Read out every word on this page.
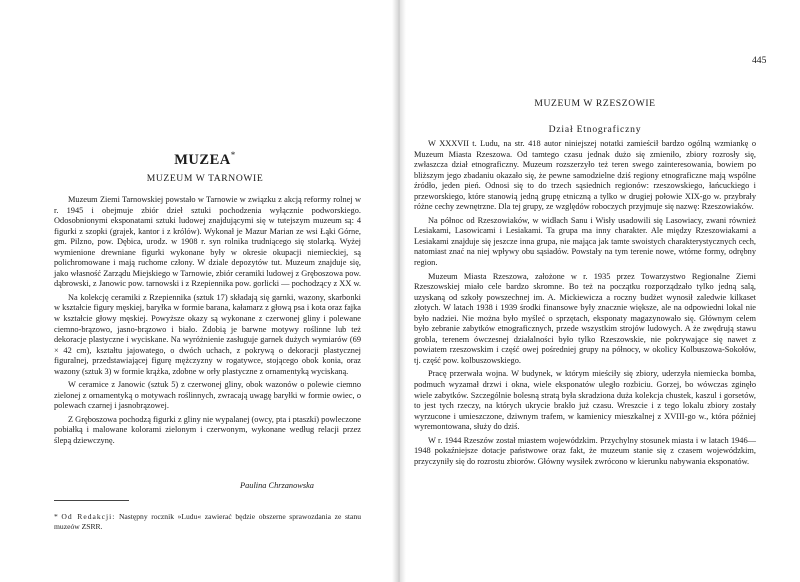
MUZEA*
MUZEUM W TARNOWIE

Muzeum Ziemi Tarnowskiej powstało w Tarnowie w związku z akcją reformy rolnej w r. 1945 i obejmuje zbiór dzieł sztuki pochodzenia wyłącznie podworskiego. Odosobnionymi eksponatami sztuki ludowej znajdującymi się w tutejszym muzeum są: 4 figurki z szopki (grajek, kantor i z królów). Wykonał je Mazur Marian ze wsi Łąki Górne, gm. Pilzno, pow. Dębica, urodz. w 1908 r. syn rolnika trudniącego się stolarką. Wyżej wymienione drewniane figurki wykonane były w okresie okupacji niemieckiej, są polichromowane i mają ruchome człony. W dziale depozytów tut. Muzeum znajduje się, jako własność Zarządu Miejskiego w Tarnowie, zbiór ceramiki ludowej z Gręboszowa pow. dąbrowski, z Janowic pow. tarnowski i z Rzepiennika pow. gorlicki — pochodzący z XX w.

Na kolekcję ceramiki z Rzepiennika (sztuk 17) składają się garnki, wazony, skarbonki w kształcie figury męskiej, baryłka w formie barana, kałamarz z głową psa i kota oraz fajka w kształcie głowy męskiej. Powyższe okazy są wykonane z czerwonej gliny i polewane ciemno-brązowo, jasno-brązowo i biało. Zdobią je barwne motywy roślinne lub też dekoracje plastyczne i wyciskane. Na wyróżnienie zasługuje garnek dużych wymiarów (69 × 42 cm), kształtu jajowatego, o dwóch uchach, z pokrywą o dekoracji plastycznej figuralnej, przedstawiającej figurę mężczyzny w rogatywce, stojącego obok konia, oraz wazony (sztuk 3) w formie krążka, zdobne w orły plastyczne z ornamentyką wyciskaną.

W ceramice z Janowic (sztuk 5) z czerwonej gliny, obok wazonów o polewie ciemno zielonej z ornamentyką o motywach roślinnych, zwracają uwagę baryłki w formie owiec, o polewach czarnej i jasnobrązowej.

Z Gręboszowa pochodzą figurki z gliny nie wypalanej (owcy, pta i ptaszki) powleczone pobiałką i malowane kolorami zielonym i czerwonym, wykonane według relacji przez ślepą dziewczynę.

Paulina Chrzanowska
* Od Redakcji: Następny rocznik »Ludu« zawierać będzie obszerne sprawozdania ze stanu muzeów ZSRR.
445
MUZEUM W RZESZOWIE
Dział Etnograficzny

W XXXVII t. Ludu, na str. 418 autor niniejszej notatki zamieścił bardzo ogólną wzmiankę o Muzeum Miasta Rzeszowa. Od tamtego czasu jednak dużo się zmieniło, zbiory rozrosły się, zwłaszcza dział etnograficzny. Muzeum rozszerzyło też teren swego zainteresowania, bowiem po bliższym jego zbadaniu okazało się, że pewne samodzielne dziś regiony etnograficzne mają wspólne źródło, jeden pień. Odnosi się to do trzech sąsiednich regionów: rzeszowskiego, łańcuckiego i przeworskiego, które stanowią jedną grupę etniczną a tylko w drugiej połowie XIX-go w. przybrały różne cechy zewnętrzne. Dla tej grupy, ze względów roboczych przyjmuje się nazwę: Rzeszowiaków.

Na północ od Rzeszowiaków, w widłach Sanu i Wisły usadowili się Lasowiacy, zwani również Lesiakami, Lasowicami i Lesiakami. Ta grupa ma inny charakter. Ale między Rzeszowiakami a Lesiakami znajduje się jeszcze inna grupa, nie mająca jak tamte swoistych charakterystycznych cech, natomiast znać na niej wpływy obu sąsiadów. Powstały na tym terenie nowe, wtórne formy, odrębny region.

Muzeum Miasta Rzeszowa, założone w r. 1935 przez Towarzystwo Regionalne Ziemi Rzeszowskiej miało cele bardzo skromne. Bo też na początku rozporządzało tylko jedną salą, uzyskaną od szkoły powszechnej im. A. Mickiewicza a roczny budżet wynosił zaledwie kilkaset złotych. W latach 1938 i 1939 środki finansowe były znacznie większe, ale na odpowiedni lokal nie było nadziei. Nie można było myśleć o sprzętach, eksponaty magazynowało się. Głównym celem było zebranie zabytków etnograficznych, przede wszystkim strojów ludowych. A że zwędrują stawu grobla, terenem ówczesnej działalności było tylko Rzeszowskie, nie pokrywające się nawet z powiatem rzeszowskim i część owej pośredniej grupy na północy, w okolicy Kolbuszowa-Sokołów, tj. część pow. kolbuszowskiego.

Pracę przerwała wojna. W budynek, w którym mieściły się zbiory, uderzyła niemiecka bomba, podmuch wyzamał drzwi i okna, wiele eksponatów uległo rozbiciu. Gorzej, bo wówczas zginęło wiele zabytków. Szczególnie bolesną stratą była skradziona duża kolekcja chustek, kaszul i gorsetów, to jest tych rzeczy, na których ukrycie brakło już czasu. Wreszcie i z tego lokalu zbiory zostały wyrzucone i umieszczone, dziwnym trafem, w kamienicy mieszkalnej z XVIII-go w., która później wyremontowana, służy do dziś.

W r. 1944 Rzeszów został miastem wojewódzkim. Przychylny stosunek miasta i w latach 1946—1948 pokaźniejsze dotacje państwowe oraz fakt, że muzeum stanie się z czasem wojewódzkim, przyczyniły się do rozrostu zbiorów. Główny wysiłek zwrócono w kierunku nabywania eksponatów.
